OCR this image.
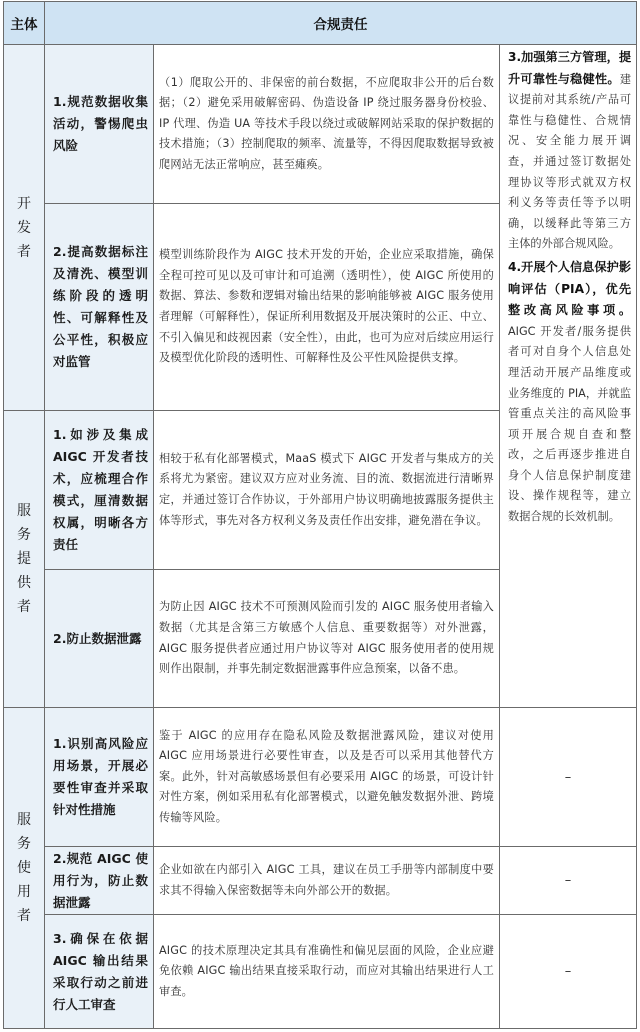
主体	合规责任		

开发者	1.规范数据收集活动，警惕爬虫风险	（1）爬取公开的、非保密的前台数据，不应爬取非公开的后台数据；（2）避免采用破解密码、伪造设备 IP 绕过服务器身份校验、IP 代理、伪造 UA 等技术手段以绕过或破解网站采取的保护数据的技术措施；（3）控制爬取的频率、流量等，不得因爬取数据导致被爬网站无法正常响应，甚至瘫痪。	3.加强第三方管理，提升可靠性与稳健性。建议提前对其系统/产品可靠性与稳健性、合规情况、安全能力展开调查，并通过签订数据处理协议等形式就双方权利义务等责任等予以明确，以缓释此等第三方主体的外部合规风险。

4.开展个人信息保护影响评估（PIA），优先整改高风险事项。AIGC 开发者/服务提供者可对自身个人信息处理活动开展产品维度或业务维度的 PIA，并就监管重点关注的高风险事项开展合规自查和整改，之后再逐步推进自身个人信息保护制度建设、操作规程等，建立数据合规的长效机制。

	2.提高数据标注及清洗、模型训练阶段的透明性、可解释性及公平性，积极应对监管	模型训练阶段作为 AIGC 技术开发的开始，企业应采取措施，确保全程可控可见以及可审计和可追溯（透明性），使 AIGC 所使用的数据、算法、参数和逻辑对输出结果的影响能够被 AIGC 服务使用者理解（可解释性），保证所利用数据及开展决策时的公正、中立、不引入偏见和歧视因素（安全性），由此，也可为应对后续应用运行及模型优化阶段的透明性、可解释性及公平性风险提供支撑。	

服务提供者	1.如涉及集成 AIGC 开发者技术，应梳理合作模式，厘清数据权属，明晰各方责任	相较于私有化部署模式，MaaS 模式下 AIGC 开发者与集成方的关系将尤为紧密。建议双方应对业务流、目的流、数据流进行清晰界定，并通过签订合作协议，于外部用户协议明确地披露服务提供主体等形式，事先对各方权利义务及责任作出安排，避免潜在争议。	
	2.防止数据泄露	为防止因 AIGC 技术不可预测风险而引发的 AIGC 服务使用者输入数据（尤其是含第三方敏感个人信息、重要数据等）对外泄露，AIGC 服务提供者应通过用户协议等对 AIGC 服务使用者的使用规则作出限制，并事先制定数据泄露事件应急预案，以备不患。	

服务使用者	1.识别高风险应用场景，开展必要性审查并采取针对性措施	鉴于 AIGC 的应用存在隐私风险及数据泄露风险，建议对使用 AIGC 应用场景进行必要性审查，以及是否可以采用其他替代方案。此外，针对高敏感场景但有必要采用 AIGC 的场景，可设计针对性方案，例如采用私有化部署模式，以避免触发数据外泄、跨境传输等风险。	–
	2.规范 AIGC 使用行为，防止数据泄露	企业如欲在内部引入 AIGC 工具，建议在员工手册等内部制度中要求其不得输入保密数据等未向外部公开的数据。	–
	3.确保在依据 AIGC 输出结果采取行动之前进行人工审查	AIGC 的技术原理决定其具有准确性和偏见层面的风险，企业应避免依赖 AIGC 输出结果直接采取行动，而应对其输出结果进行人工审查。	–
